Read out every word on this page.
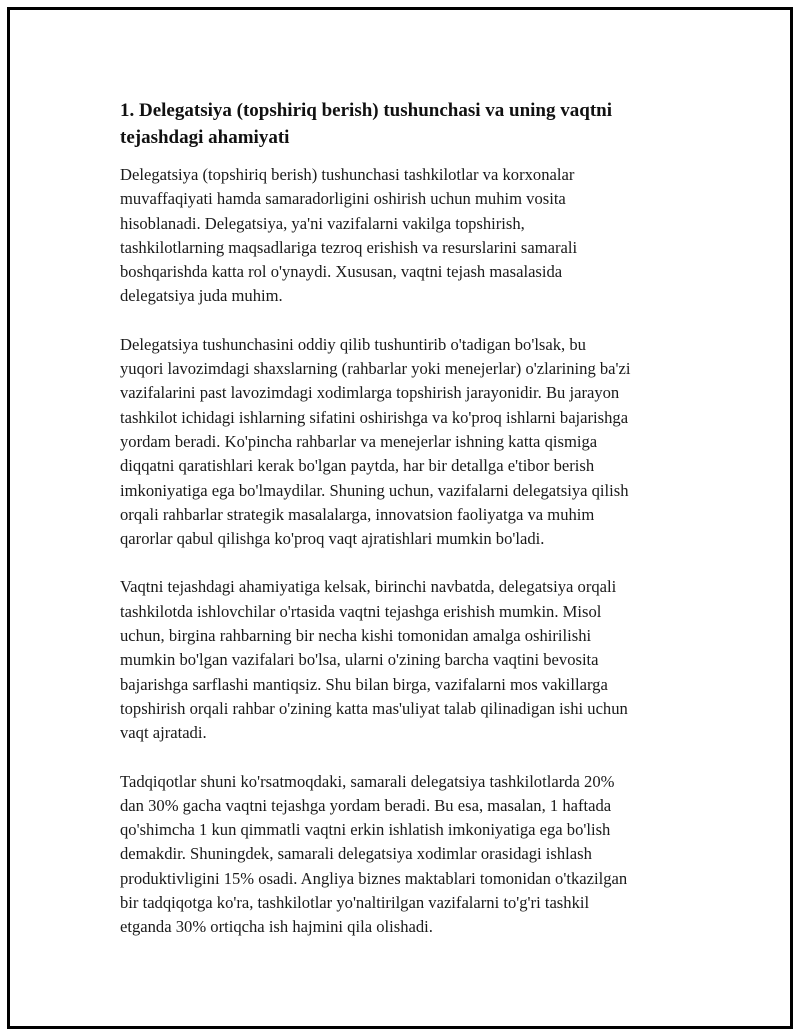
1. Delegatsiya (topshiriq berish) tushunchasi va uning vaqtni
tejashdagi ahamiyati

Delegatsiya (topshiriq berish) tushunchasi tashkilotlar va korxonalar
muvaffaqiyati hamda samaradorligini oshirish uchun muhim vosita
hisoblanadi. Delegatsiya, ya'ni vazifalarni vakilga topshirish,
tashkilotlarning maqsadlariga tezroq erishish va resurslarini samarali
boshqarishda katta rol o'ynaydi. Xususan, vaqtni tejash masalasida
delegatsiya juda muhim.

Delegatsiya tushunchasini oddiy qilib tushuntirib o'tadigan bo'lsak, bu
yuqori lavozimdagi shaxslarning (rahbarlar yoki menejerlar) o'zlarining ba'zi
vazifalarini past lavozimdagi xodimlarga topshirish jarayonidir. Bu jarayon
tashkilot ichidagi ishlarning sifatini oshirishga va ko'proq ishlarni bajarishga
yordam beradi. Ko'pincha rahbarlar va menejerlar ishning katta qismiga
diqqatni qaratishlari kerak bo'lgan paytda, har bir detallga e'tibor berish
imkoniyatiga ega bo'lmaydilar. Shuning uchun, vazifalarni delegatsiya qilish
orqali rahbarlar strategik masalalarga, innovatsion faoliyatga va muhim
qarorlar qabul qilishga ko'proq vaqt ajratishlari mumkin bo'ladi.

Vaqtni tejashdagi ahamiyatiga kelsak, birinchi navbatda, delegatsiya orqali
tashkilotda ishlovchilar o'rtasida vaqtni tejashga erishish mumkin. Misol
uchun, birgina rahbarning bir necha kishi tomonidan amalga oshirilishi
mumkin bo'lgan vazifalari bo'lsa, ularni o'zining barcha vaqtini bevosita
bajarishga sarflashi mantiqsiz. Shu bilan birga, vazifalarni mos vakillarga
topshirish orqali rahbar o'zining katta mas'uliyat talab qilinadigan ishi uchun
vaqt ajratadi.

Tadqiqotlar shuni ko'rsatmoqdaki, samarali delegatsiya tashkilotlarda 20%
dan 30% gacha vaqtni tejashga yordam beradi. Bu esa, masalan, 1 haftada
qo'shimcha 1 kun qimmatli vaqtni erkin ishlatish imkoniyatiga ega bo'lish
demakdir. Shuningdek, samarali delegatsiya xodimlar orasidagi ishlash
produktivligini 15% osadi. Angliya biznes maktablari tomonidan o'tkazilgan
bir tadqiqotga ko'ra, tashkilotlar yo'naltirilgan vazifalarni to'g'ri tashkil
etganda 30% ortiqcha ish hajmini qila olishadi.
